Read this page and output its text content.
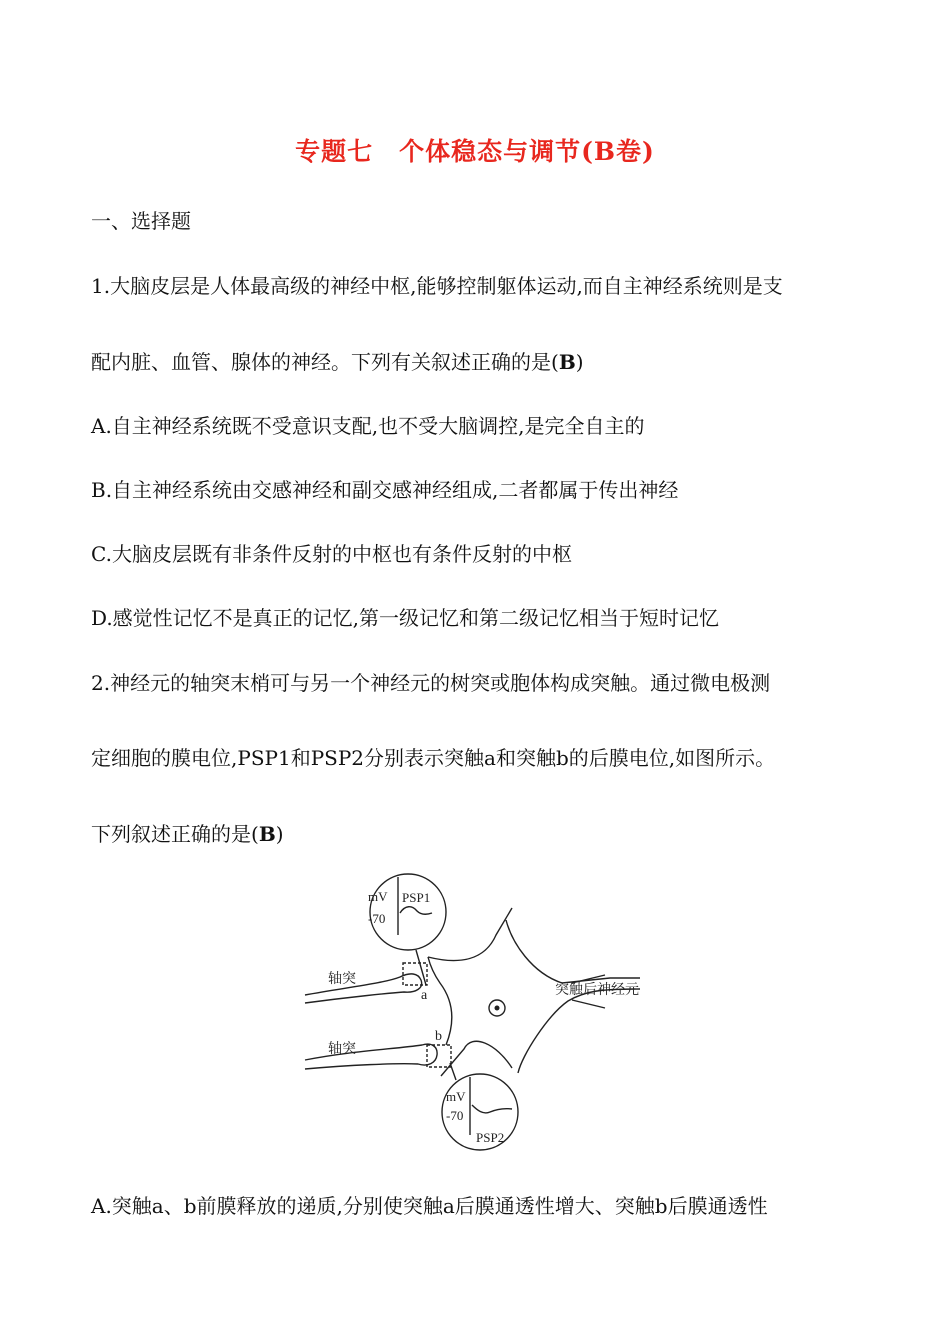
专题七　个体稳态与调节(B卷)
一、选择题
1.大脑皮层是人体最高级的神经中枢,能够控制躯体运动,而自主神经系统则是支
配内脏、血管、腺体的神经。下列有关叙述正确的是(B)
A.自主神经系统既不受意识支配,也不受大脑调控,是完全自主的
B.自主神经系统由交感神经和副交感神经组成,二者都属于传出神经
C.大脑皮层既有非条件反射的中枢也有条件反射的中枢
D.感觉性记忆不是真正的记忆,第一级记忆和第二级记忆相当于短时记忆
2.神经元的轴突末梢可与另一个神经元的树突或胞体构成突触。通过微电极测
定细胞的膜电位,PSP1和PSP2分别表示突触a和突触b的后膜电位,如图所示。
下列叙述正确的是(B)
mV
-70
PSP1
mV
-70
PSP2
轴突
轴突
突触后神经元
a
b
A.突触a、b前膜释放的递质,分别使突触a后膜通透性增大、突触b后膜通透性
